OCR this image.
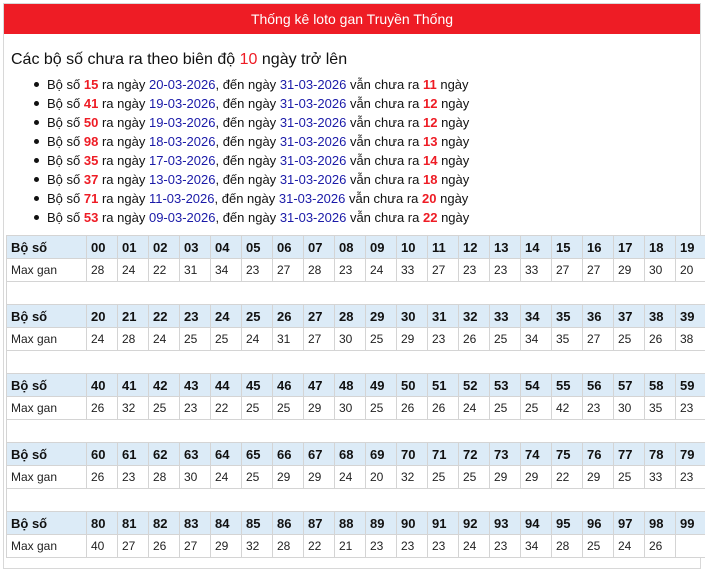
Thống kê loto gan Truyền Thống
Các bộ số chưa ra theo biên độ 10 ngày trở lên
Bộ số 15 ra ngày 20-03-2026, đến ngày 31-03-2026 vẫn chưa ra 11 ngày
Bộ số 41 ra ngày 19-03-2026, đến ngày 31-03-2026 vẫn chưa ra 12 ngày
Bộ số 50 ra ngày 19-03-2026, đến ngày 31-03-2026 vẫn chưa ra 12 ngày
Bộ số 98 ra ngày 18-03-2026, đến ngày 31-03-2026 vẫn chưa ra 13 ngày
Bộ số 35 ra ngày 17-03-2026, đến ngày 31-03-2026 vẫn chưa ra 14 ngày
Bộ số 37 ra ngày 13-03-2026, đến ngày 31-03-2026 vẫn chưa ra 18 ngày
Bộ số 71 ra ngày 11-03-2026, đến ngày 31-03-2026 vẫn chưa ra 20 ngày
Bộ số 53 ra ngày 09-03-2026, đến ngày 31-03-2026 vẫn chưa ra 22 ngày
Bộ số	00	01	02	03	04	05	06	07	08	09	10	11	12	13	14	15	16	17	18	19
Max gan	28	24	22	31	34	23	27	28	23	24	33	27	23	23	33	27	27	29	30	20

Bộ số	20	21	22	23	24	25	26	27	28	29	30	31	32	33	34	35	36	37	38	39
Max gan	24	28	24	25	25	24	31	27	30	25	29	23	26	25	34	35	27	25	26	38

Bộ số	40	41	42	43	44	45	46	47	48	49	50	51	52	53	54	55	56	57	58	59
Max gan	26	32	25	23	22	25	25	29	30	25	26	26	24	25	25	42	23	30	35	23

Bộ số	60	61	62	63	64	65	66	67	68	69	70	71	72	73	74	75	76	77	78	79
Max gan	26	23	28	30	24	25	29	29	24	20	32	25	25	29	29	22	29	25	33	23

Bộ số	80	81	82	83	84	85	86	87	88	89	90	91	92	93	94	95	96	97	98	99
Max gan	40	27	26	27	29	32	28	22	21	23	23	23	24	23	34	28	25	24	26	
